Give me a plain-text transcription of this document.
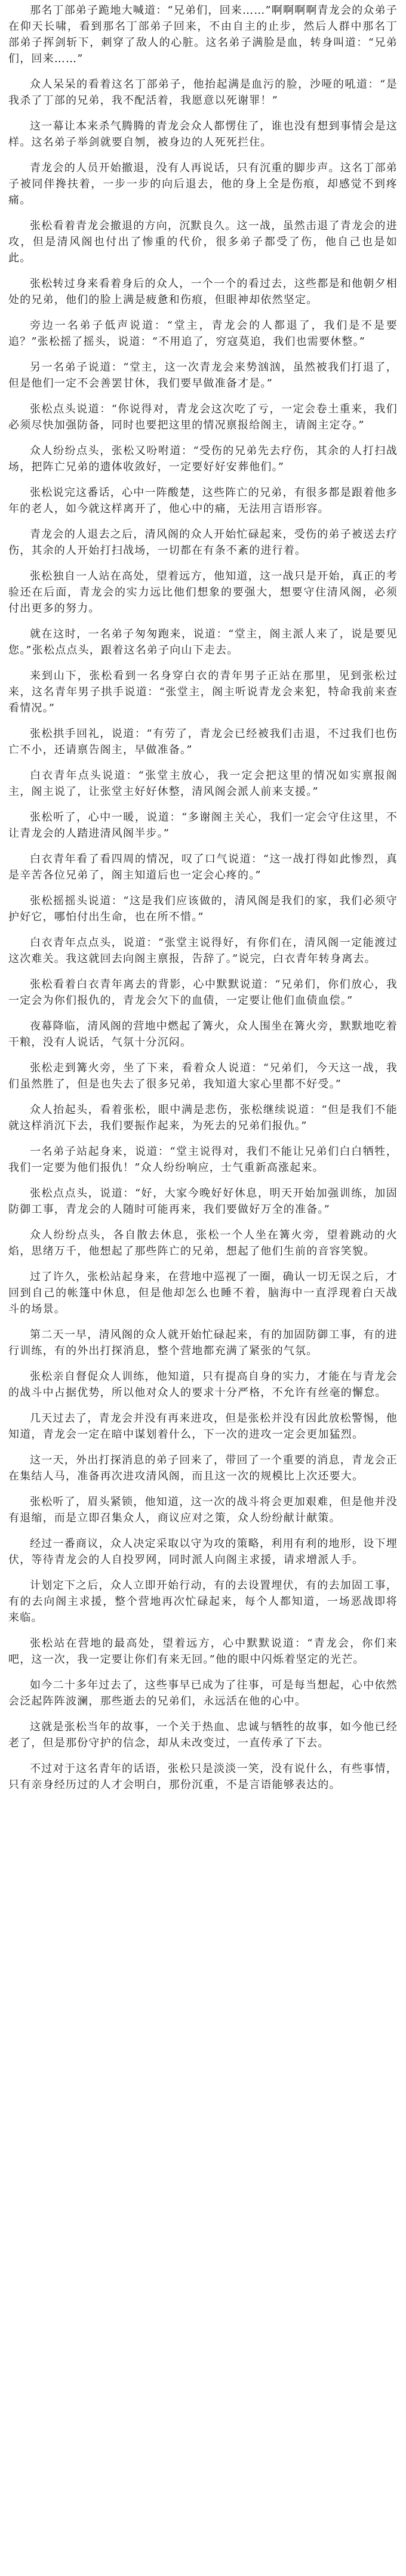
那名丁部弟子跪地大喊道：“兄弟们，回来……”啊啊啊啊青龙会的众弟子在仰天长啸，看到那名丁部弟子回来，不由自主的止步，然后人群中那名丁部弟子挥剑斩下，刺穿了敌人的心脏。这名弟子满脸是血，转身叫道：“兄弟们，回来……”

众人呆呆的看着这名丁部弟子，他抬起满是血污的脸，沙哑的吼道：“是我杀了丁部的兄弟，我不配活着，我愿意以死谢罪！”

这一幕让本来杀气腾腾的青龙会众人都愣住了，谁也没有想到事情会是这样。这名弟子举剑就要自刎，被身边的人死死拦住。

青龙会的人员开始撤退，没有人再说话，只有沉重的脚步声。这名丁部弟子被同伴搀扶着，一步一步的向后退去，他的身上全是伤痕，却感觉不到疼痛。

张松看着青龙会撤退的方向，沉默良久。这一战，虽然击退了青龙会的进攻，但是清风阁也付出了惨重的代价，很多弟子都受了伤，他自己也是如此。

张松转过身来看着身后的众人，一个一个的看过去，这些都是和他朝夕相处的兄弟，他们的脸上满是疲惫和伤痕，但眼神却依然坚定。

旁边一名弟子低声说道：“堂主，青龙会的人都退了，我们是不是要追？”张松摇了摇头，说道：“不用追了，穷寇莫追，我们也需要休整。”

另一名弟子说道：“堂主，这一次青龙会来势汹汹，虽然被我们打退了，但是他们一定不会善罢甘休，我们要早做准备才是。”

张松点头说道：“你说得对，青龙会这次吃了亏，一定会卷土重来，我们必须尽快加强防备，同时也要把这里的情况禀报给阁主，请阁主定夺。”

众人纷纷点头，张松又吩咐道：“受伤的兄弟先去疗伤，其余的人打扫战场，把阵亡兄弟的遗体收敛好，一定要好好安葬他们。”

张松说完这番话，心中一阵酸楚，这些阵亡的兄弟，有很多都是跟着他多年的老人，如今就这样离开了，他心中的痛，无法用言语形容。

青龙会的人退去之后，清风阁的众人开始忙碌起来，受伤的弟子被送去疗伤，其余的人开始打扫战场，一切都在有条不紊的进行着。

张松独自一人站在高处，望着远方，他知道，这一战只是开始，真正的考验还在后面，青龙会的实力远比他们想象的要强大，想要守住清风阁，必须付出更多的努力。

就在这时，一名弟子匆匆跑来，说道：“堂主，阁主派人来了，说是要见您。”张松点点头，跟着这名弟子向山下走去。

来到山下，张松看到一名身穿白衣的青年男子正站在那里，见到张松过来，这名青年男子拱手说道：“张堂主，阁主听说青龙会来犯，特命我前来查看情况。”

张松拱手回礼，说道：“有劳了，青龙会已经被我们击退，不过我们也伤亡不小，还请禀告阁主，早做准备。”

白衣青年点头说道：“张堂主放心，我一定会把这里的情况如实禀报阁主，阁主说了，让张堂主好好休整，清风阁会派人前来支援。”

张松听了，心中一暖，说道：“多谢阁主关心，我们一定会守住这里，不让青龙会的人踏进清风阁半步。”

白衣青年看了看四周的情况，叹了口气说道：“这一战打得如此惨烈，真是辛苦各位兄弟了，阁主知道后也一定会心疼的。”

张松摇摇头说道：“这是我们应该做的，清风阁是我们的家，我们必须守护好它，哪怕付出生命，也在所不惜。”

白衣青年点点头，说道：“张堂主说得好，有你们在，清风阁一定能渡过这次难关。我这就回去向阁主禀报，告辞了。”说完，白衣青年转身离去。

张松看着白衣青年离去的背影，心中默默说道：“兄弟们，你们放心，我一定会为你们报仇的，青龙会欠下的血债，一定要让他们血债血偿。”

夜幕降临，清风阁的营地中燃起了篝火，众人围坐在篝火旁，默默地吃着干粮，没有人说话，气氛十分沉闷。

张松走到篝火旁，坐了下来，看着众人说道：“兄弟们，今天这一战，我们虽然胜了，但是也失去了很多兄弟，我知道大家心里都不好受。”

众人抬起头，看着张松，眼中满是悲伤，张松继续说道：“但是我们不能就这样消沉下去，我们要振作起来，为死去的兄弟们报仇。”

一名弟子站起身来，说道：“堂主说得对，我们不能让兄弟们白白牺牲，我们一定要为他们报仇！”众人纷纷响应，士气重新高涨起来。

张松点点头，说道：“好，大家今晚好好休息，明天开始加强训练，加固防御工事，青龙会的人随时可能再来，我们要做好万全的准备。”

众人纷纷点头，各自散去休息，张松一个人坐在篝火旁，望着跳动的火焰，思绪万千，他想起了那些阵亡的兄弟，想起了他们生前的音容笑貌。

过了许久，张松站起身来，在营地中巡视了一圈，确认一切无误之后，才回到自己的帐篷中休息，但是他却怎么也睡不着，脑海中一直浮现着白天战斗的场景。

第二天一早，清风阁的众人就开始忙碌起来，有的加固防御工事，有的进行训练，有的外出打探消息，整个营地都充满了紧张的气氛。

张松亲自督促众人训练，他知道，只有提高自身的实力，才能在与青龙会的战斗中占据优势，所以他对众人的要求十分严格，不允许有丝毫的懈怠。

几天过去了，青龙会并没有再来进攻，但是张松并没有因此放松警惕，他知道，青龙会一定在暗中谋划着什么，下一次的进攻一定会更加猛烈。

这一天，外出打探消息的弟子回来了，带回了一个重要的消息，青龙会正在集结人马，准备再次进攻清风阁，而且这一次的规模比上次还要大。

张松听了，眉头紧锁，他知道，这一次的战斗将会更加艰难，但是他并没有退缩，而是立即召集众人，商议应对之策，众人纷纷献计献策。

经过一番商议，众人决定采取以守为攻的策略，利用有利的地形，设下埋伏，等待青龙会的人自投罗网，同时派人向阁主求援，请求增派人手。

计划定下之后，众人立即开始行动，有的去设置埋伏，有的去加固工事，有的去向阁主求援，整个营地再次忙碌起来，每个人都知道，一场恶战即将来临。

张松站在营地的最高处，望着远方，心中默默说道：“青龙会，你们来吧，这一次，我一定要让你们有来无回。”他的眼中闪烁着坚定的光芒。

如今二十多年过去了，这些事早已成为了往事，可是每当想起，心中依然会泛起阵阵波澜，那些逝去的兄弟们，永远活在他的心中。

这就是张松当年的故事，一个关于热血、忠诚与牺牲的故事，如今他已经老了，但是那份守护的信念，却从未改变过，一直传承了下去。

不过对于这名青年的话语，张松只是淡淡一笑，没有说什么，有些事情，只有亲身经历过的人才会明白，那份沉重，不是言语能够表达的。
